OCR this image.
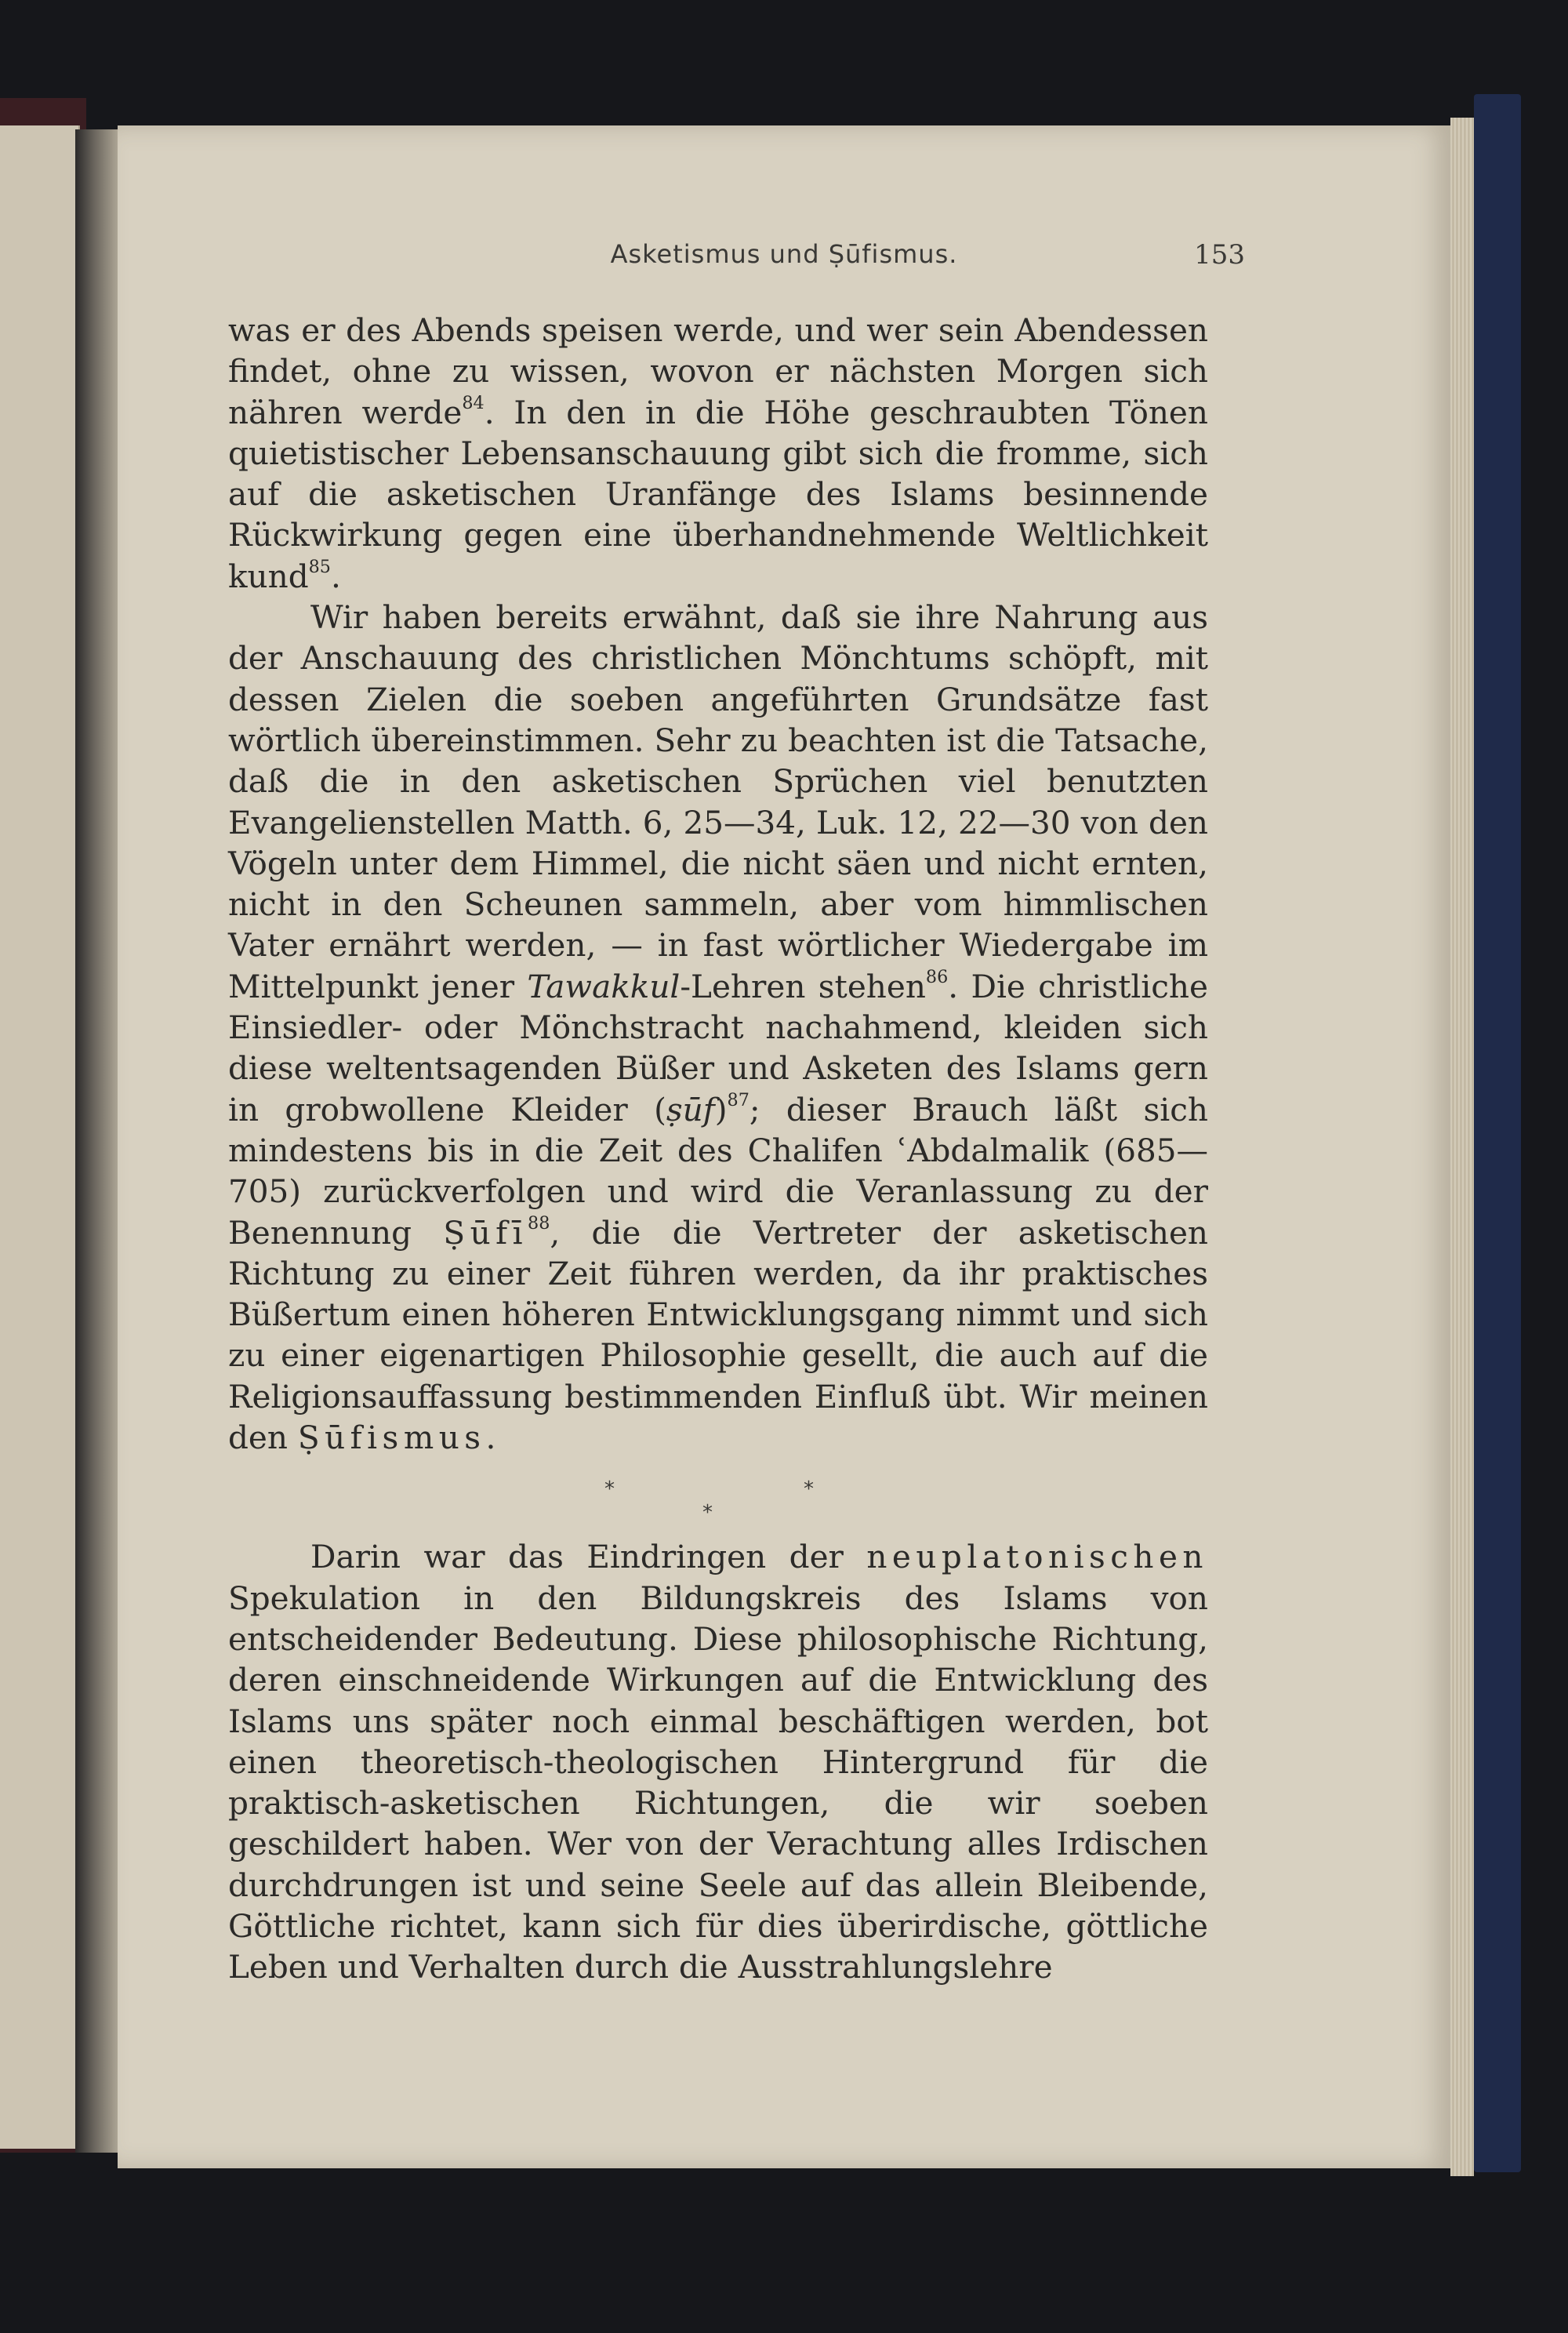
Asketismus und Ṣūfismus.	153

was er des Abends speisen werde, und wer sein Abendessen findet, ohne zu wissen, wovon er nächsten Morgen sich nähren werde$^{84}$. In den in die Höhe geschraubten Tönen quietistischer Lebensanschauung gibt sich die fromme, sich auf die asketischen Uranfänge des Islams besinnende Rückwirkung gegen eine überhandnehmende Weltlichkeit kund$^{85}$.

Wir haben bereits erwähnt, daß sie ihre Nahrung aus der Anschauung des christlichen Mönchtums schöpft, mit dessen Zielen die soeben angeführten Grundsätze fast wörtlich übereinstimmen. Sehr zu beachten ist die Tatsache, daß die in den asketischen Sprüchen viel benutzten Evangelienstellen Matth. 6, 25—34, Luk. 12, 22—30 von den Vögeln unter dem Himmel, die nicht säen und nicht ernten, nicht in den Scheunen sammeln, aber vom himmlischen Vater ernährt werden, — in fast wörtlicher Wiedergabe im Mittelpunkt jener Tawakkul-Lehren stehen$^{86}$. Die christliche Einsiedler- oder Mönchstracht nachahmend, kleiden sich diese weltentsagenden Büßer und Asketen des Islams gern in grobwollene Kleider (ṣūf)$^{87}$; dieser Brauch läßt sich mindestens bis in die Zeit des Chalifen ʿAbdalmalik (685—705) zurückverfolgen und wird die Veranlassung zu der Benennung Ṣūfī$^{88}$, die die Vertreter der asketischen Richtung zu einer Zeit führen werden, da ihr praktisches Büßertum einen höheren Entwicklungsgang nimmt und sich zu einer eigenartigen Philosophie gesellt, die auch auf die Religionsauffassung bestimmenden Einfluß übt. Wir meinen den Ṣūfismus.

*
*
*

Darin war das Eindringen der neuplatonischen Spekulation in den Bildungskreis des Islams von entscheidender Bedeutung. Diese philosophische Richtung, deren einschneidende Wirkungen auf die Entwicklung des Islams uns später noch einmal beschäftigen werden, bot einen theoretisch-theologischen Hintergrund für die praktisch-asketischen Richtungen, die wir soeben geschildert haben. Wer von der Verachtung alles Irdischen durchdrungen ist und seine Seele auf das allein Bleibende, Göttliche richtet, kann sich für dies überirdische, göttliche Leben und Verhalten durch die Ausstrahlungslehre
